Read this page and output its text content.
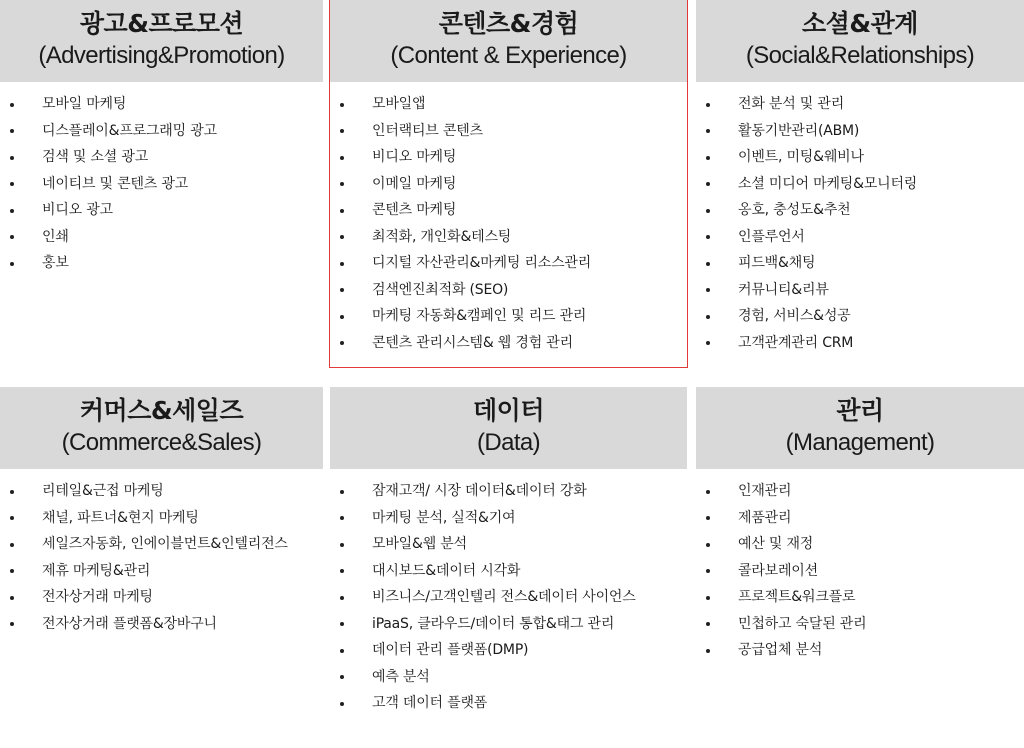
광고&프로모션
(Advertising&Promotion)
모바일 마케팅
디스플레이&프로그래밍 광고
검색 및 소셜 광고
네이티브 및 콘텐츠 광고
비디오 광고
인쇄
홍보
콘텐츠&경험
(Content & Experience)
모바일앱
인터랙티브 콘텐츠
비디오 마케팅
이메일 마케팅
콘텐츠 마케팅
최적화, 개인화&테스팅
디지털 자산관리&마케팅 리소스관리
검색엔진최적화 (SEO)
마케팅 자동화&캠페인 및 리드 관리
콘텐츠 관리시스템& 웹 경험 관리
소셜&관계
(Social&Relationships)
전화 분석 및 관리
활동기반관리(ABM)
이벤트, 미팅&웨비나
소셜 미디어 마케팅&모니터링
옹호, 충성도&추천
인플루언서
피드백&채팅
커뮤니티&리뷰
경험, 서비스&성공
고객관계관리 CRM
커머스&세일즈
(Commerce&Sales)
리테일&근접 마케팅
채널, 파트너&현지 마케팅
세일즈자동화, 인에이블먼트&인텔리전스
제휴 마케팅&관리
전자상거래 마케팅
전자상거래 플랫폼&장바구니
데이터
(Data)
잠재고객/ 시장 데이터&데이터 강화
마케팅 분석, 실적&기여
모바일&웹 분석
대시보드&데이터 시각화
비즈니스/고객인텔리 전스&데이터 사이언스
iPaaS, 클라우드/데이터 통합&태그 관리
데이터 관리 플랫폼(DMP)
예측 분석
고객 데이터 플랫폼
관리
(Management)
인재관리
제품관리
예산 및 재정
콜라보레이션
프로젝트&워크플로
민첩하고 숙달된 관리
공급업체 분석
